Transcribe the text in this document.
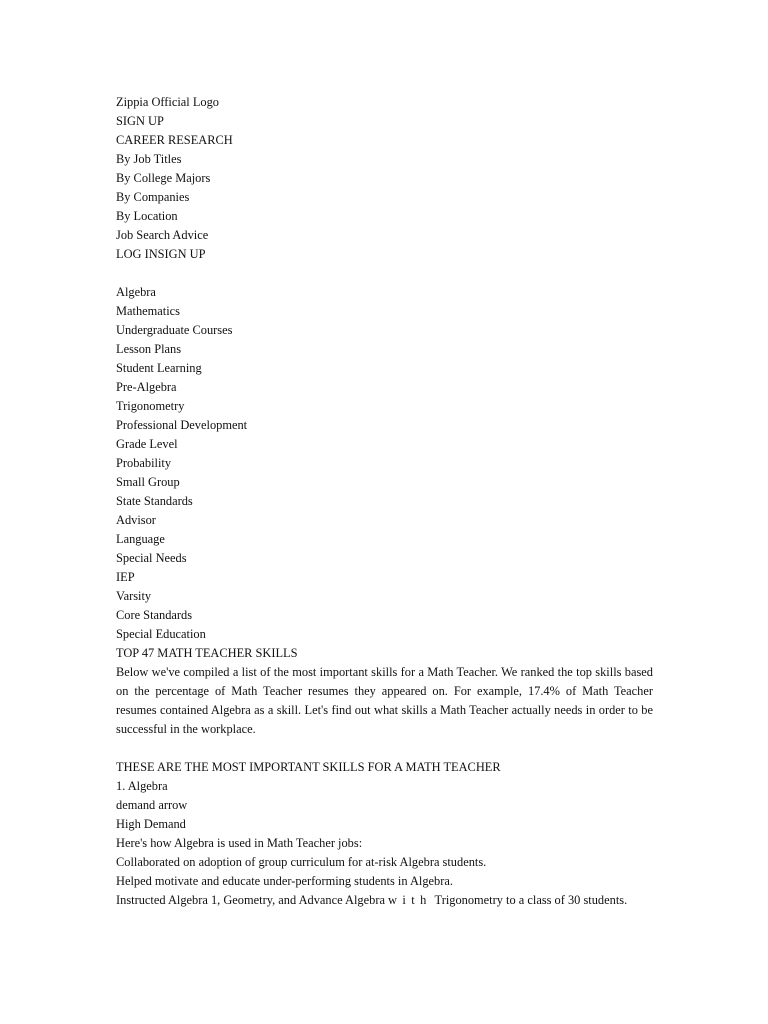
Zippia Official Logo
SIGN UP
CAREER RESEARCH
By Job Titles
By College Majors
By Companies
By Location
Job Search Advice
LOG INSIGN UP
Algebra
Mathematics
Undergraduate Courses
Lesson Plans
Student Learning
Pre-Algebra
Trigonometry
Professional Development
Grade Level
Probability
Small Group
State Standards
Advisor
Language
Special Needs
IEP
Varsity
Core Standards
Special Education
TOP 47 MATH TEACHER SKILLS

Below we've compiled a list of the most important skills for a Math Teacher. We ranked the top skills based on the percentage of Math Teacher resumes they appeared on. For example, 17.4% of Math Teacher resumes contained Algebra as a skill. Let's find out what skills a Math Teacher actually needs in order to be successful in the workplace.

THESE ARE THE MOST IMPORTANT SKILLS FOR A MATH TEACHER
1. Algebra
demand arrow
High Demand
Here's how Algebra is used in Math Teacher jobs:
Collaborated on adoption of group curriculum for at-risk Algebra students.
Helped motivate and educate under-performing students in Algebra.

Instructed Algebra 1, Geometry, and Advance Algebra with Trigonometry to a class of 30 students.
